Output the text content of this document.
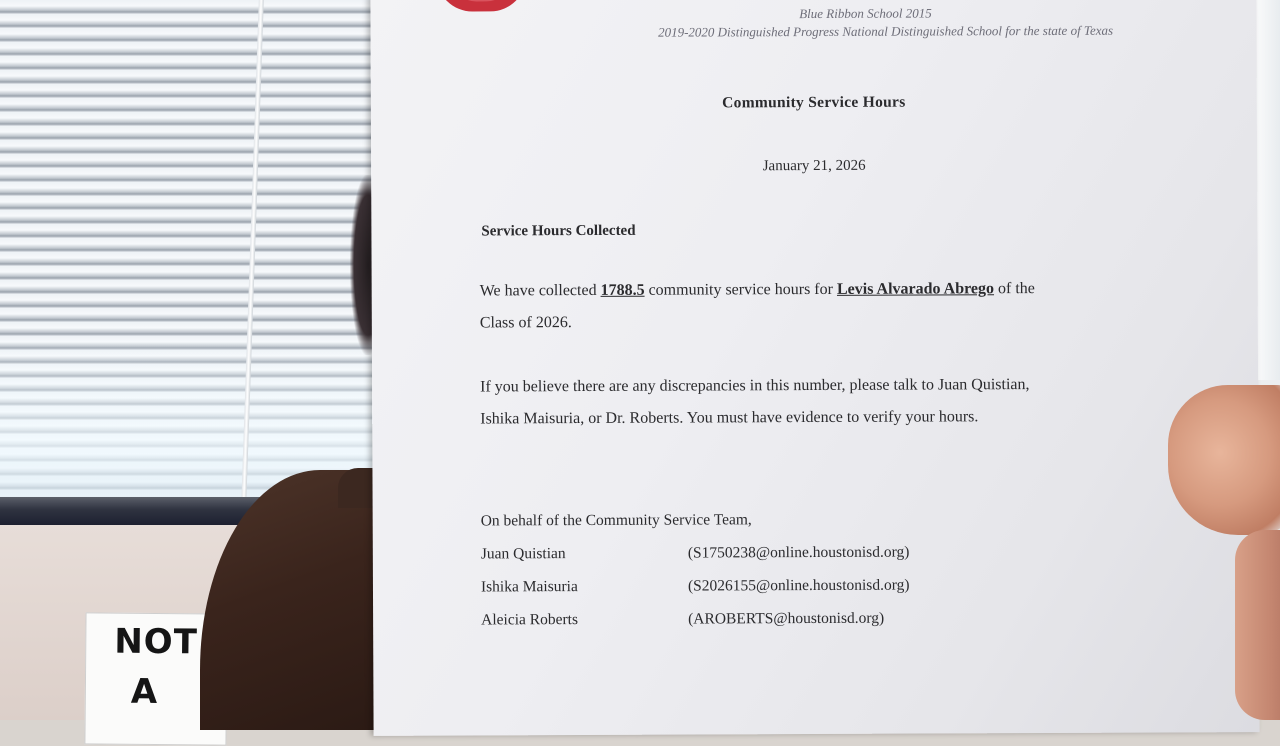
NOT
A
Blue Ribbon School 2015
2019-2020 Distinguished Progress National Distinguished School for the state of Texas
Community Service Hours
January 21, 2026
Service Hours Collected
We have collected 1788.5 community service hours for Levis Alvarado Abrego of the
Class of 2026.
If you believe there are any discrepancies in this number, please talk to Juan Quistian,
Ishika Maisuria, or Dr. Roberts. You must have evidence to verify your hours.
On behalf of the Community Service Team,
Juan Quistian	(S1750238@online.houstonisd.org)
Ishika Maisuria	(S2026155@online.houstonisd.org)
Aleicia Roberts	(AROBERTS@houstonisd.org)
